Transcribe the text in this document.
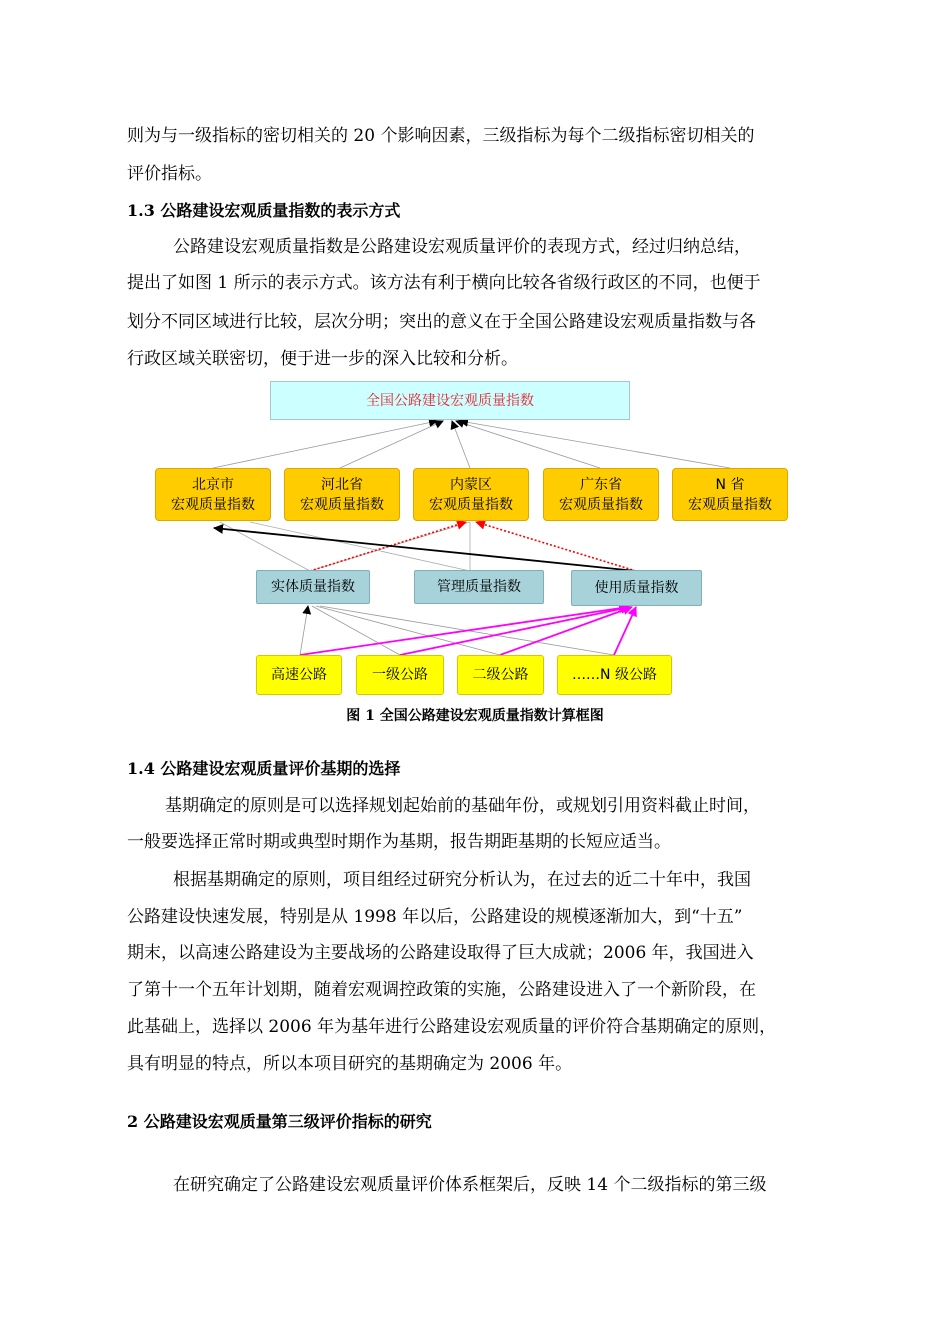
则为与一级指标的密切相关的 20 个影响因素，三级指标为每个二级指标密切相关的
评价指标。
1.3 公路建设宏观质量指数的表示方式
公路建设宏观质量指数是公路建设宏观质量评价的表现方式，经过归纳总结，
提出了如图 1 所示的表示方式。该方法有利于横向比较各省级行政区的不同，也便于
划分不同区域进行比较，层次分明；突出的意义在于全国公路建设宏观质量指数与各
行政区域关联密切，便于进一步的深入比较和分析。
全国公路建设宏观质量指数
北京市
宏观质量指数
河北省
宏观质量指数
内蒙区
宏观质量指数
广东省
宏观质量指数
N 省
宏观质量指数
实体质量指数	管理质量指数	使用质量指数
高速公路	一级公路	二级公路	……N 级公路
图 1 全国公路建设宏观质量指数计算框图
1.4 公路建设宏观质量评价基期的选择
基期确定的原则是可以选择规划起始前的基础年份，或规划引用资料截止时间，
一般要选择正常时期或典型时期作为基期，报告期距基期的长短应适当。
根据基期确定的原则，项目组经过研究分析认为，在过去的近二十年中，我国
公路建设快速发展，特别是从 1998 年以后，公路建设的规模逐渐加大，到“十五”
期末，以高速公路建设为主要战场的公路建设取得了巨大成就；2006 年，我国进入
了第十一个五年计划期，随着宏观调控政策的实施，公路建设进入了一个新阶段，在
此基础上，选择以 2006 年为基年进行公路建设宏观质量的评价符合基期确定的原则，
具有明显的特点，所以本项目研究的基期确定为 2006 年。
2 公路建设宏观质量第三级评价指标的研究
在研究确定了公路建设宏观质量评价体系框架后，反映 14 个二级指标的第三级
